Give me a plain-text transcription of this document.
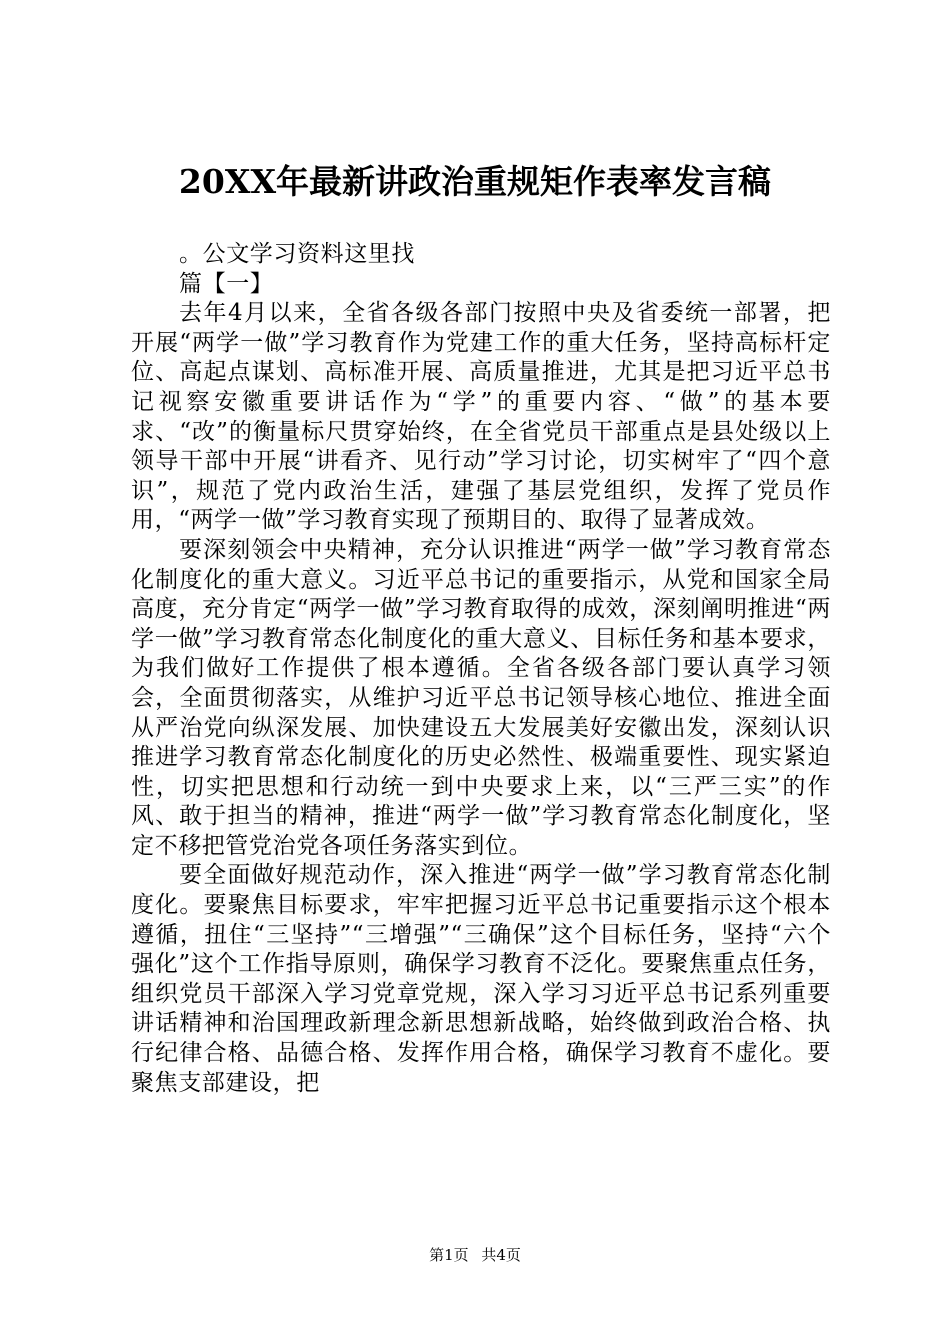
20XX年最新讲政治重规矩作表率发言稿

。公文学习资料这里找

篇【一】

去年4月以来，全省各级各部门按照中央及省委统一部署，把开展“两学一做”学习教育作为党建工作的重大任务，坚持高标杆定位、高起点谋划、高标准开展、高质量推进，尤其是把习近平总书记视察安徽重要讲话作为“学”的重要内容、“做”的基本要求、“改”的衡量标尺贯穿始终，在全省党员干部重点是县处级以上领导干部中开展“讲看齐、见行动”学习讨论，切实树牢了“四个意识”，规范了党内政治生活，建强了基层党组织，发挥了党员作用，“两学一做”学习教育实现了预期目的、取得了显著成效。

要深刻领会中央精神，充分认识推进“两学一做”学习教育常态化制度化的重大意义。习近平总书记的重要指示，从党和国家全局高度，充分肯定“两学一做”学习教育取得的成效，深刻阐明推进“两学一做”学习教育常态化制度化的重大意义、目标任务和基本要求，为我们做好工作提供了根本遵循。全省各级各部门要认真学习领会，全面贯彻落实，从维护习近平总书记领导核心地位、推进全面从严治党向纵深发展、加快建设五大发展美好安徽出发，深刻认识推进学习教育常态化制度化的历史必然性、极端重要性、现实紧迫性，切实把思想和行动统一到中央要求上来，以“三严三实”的作风、敢于担当的精神，推进“两学一做”学习教育常态化制度化，坚定不移把管党治党各项任务落实到位。

要全面做好规范动作，深入推进“两学一做”学习教育常态化制度化。要聚焦目标要求，牢牢把握习近平总书记重要指示这个根本遵循，扭住“三坚持”“三增强”“三确保”这个目标任务，坚持“六个强化”这个工作指导原则，确保学习教育不泛化。要聚焦重点任务，组织党员干部深入学习党章党规，深入学习习近平总书记系列重要讲话精神和治国理政新理念新思想新战略，始终做到政治合格、执行纪律合格、品德合格、发挥作用合格，确保学习教育不虚化。要聚焦支部建设，把

第1页 共4页
